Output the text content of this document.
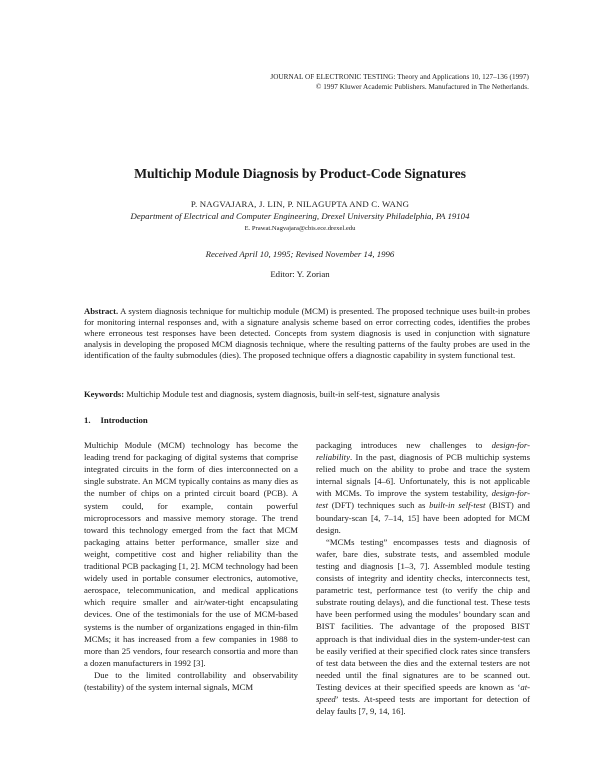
JOURNAL OF ELECTRONIC TESTING: Theory and Applications 10, 127–136 (1997)
© 1997 Kluwer Academic Publishers. Manufactured in The Netherlands.
Multichip Module Diagnosis by Product-Code Signatures
P. NAGVAJARA, J. LIN, P. NILAGUPTA AND C. WANG
Department of Electrical and Computer Engineering, Drexel University Philadelphia, PA 19104
E. Prawat.Nagvajara@cbis.ece.drexel.edu
Received April 10, 1995; Revised November 14, 1996
Editor: Y. Zorian
Abstract. A system diagnosis technique for multichip module (MCM) is presented. The proposed technique uses built-in probes for monitoring internal responses and, with a signature analysis scheme based on error correcting codes, identifies the probes where erroneous test responses have been detected. Concepts from system diagnosis is used in conjunction with signature analysis in developing the proposed MCM diagnosis technique, where the resulting patterns of the faulty probes are used in the identification of the faulty submodules (dies). The proposed technique offers a diagnostic capability in system functional test.
Keywords: Multichip Module test and diagnosis, system diagnosis, built-in self-test, signature analysis
1. Introduction

Multichip Module (MCM) technology has become the leading trend for packaging of digital systems that comprise integrated circuits in the form of dies interconnected on a single substrate. An MCM typically contains as many dies as the number of chips on a printed circuit board (PCB). A system could, for example, contain powerful microprocessors and massive memory storage. The trend toward this technology emerged from the fact that MCM packaging attains better performance, smaller size and weight, competitive cost and higher reliability than the traditional PCB packaging [1, 2]. MCM technology had been widely used in portable consumer electronics, automotive, aerospace, telecommunication, and medical applications which require smaller and air/water-tight encapsulating devices. One of the testimonials for the use of MCM-based systems is the number of organizations engaged in thin-film MCMs; it has increased from a few companies in 1988 to more than 25 vendors, four research consortia and more than a dozen manufacturers in 1992 [3].

Due to the limited controllability and observability (testability) of the system internal signals, MCM

packaging introduces new challenges to design-for-reliability. In the past, diagnosis of PCB multichip systems relied much on the ability to probe and trace the system internal signals [4–6]. Unfortunately, this is not applicable with MCMs. To improve the system testability, design-for-test (DFT) techniques such as built-in self-test (BIST) and boundary-scan [4, 7–14, 15] have been adopted for MCM design.

“MCMs testing” encompasses tests and diagnosis of wafer, bare dies, substrate tests, and assembled module testing and diagnosis [1–3, 7]. Assembled module testing consists of integrity and identity checks, interconnects test, parametric test, performance test (to verify the chip and substrate routing delays), and die functional test. These tests have been performed using the modules’ boundary scan and BIST facilities. The advantage of the proposed BIST approach is that individual dies in the system-under-test can be easily verified at their specified clock rates since transfers of test data between the dies and the external testers are not needed until the final signatures are to be scanned out. Testing devices at their specified speeds are known as ‘at-speed’ tests. At-speed tests are important for detection of delay faults [7, 9, 14, 16].
